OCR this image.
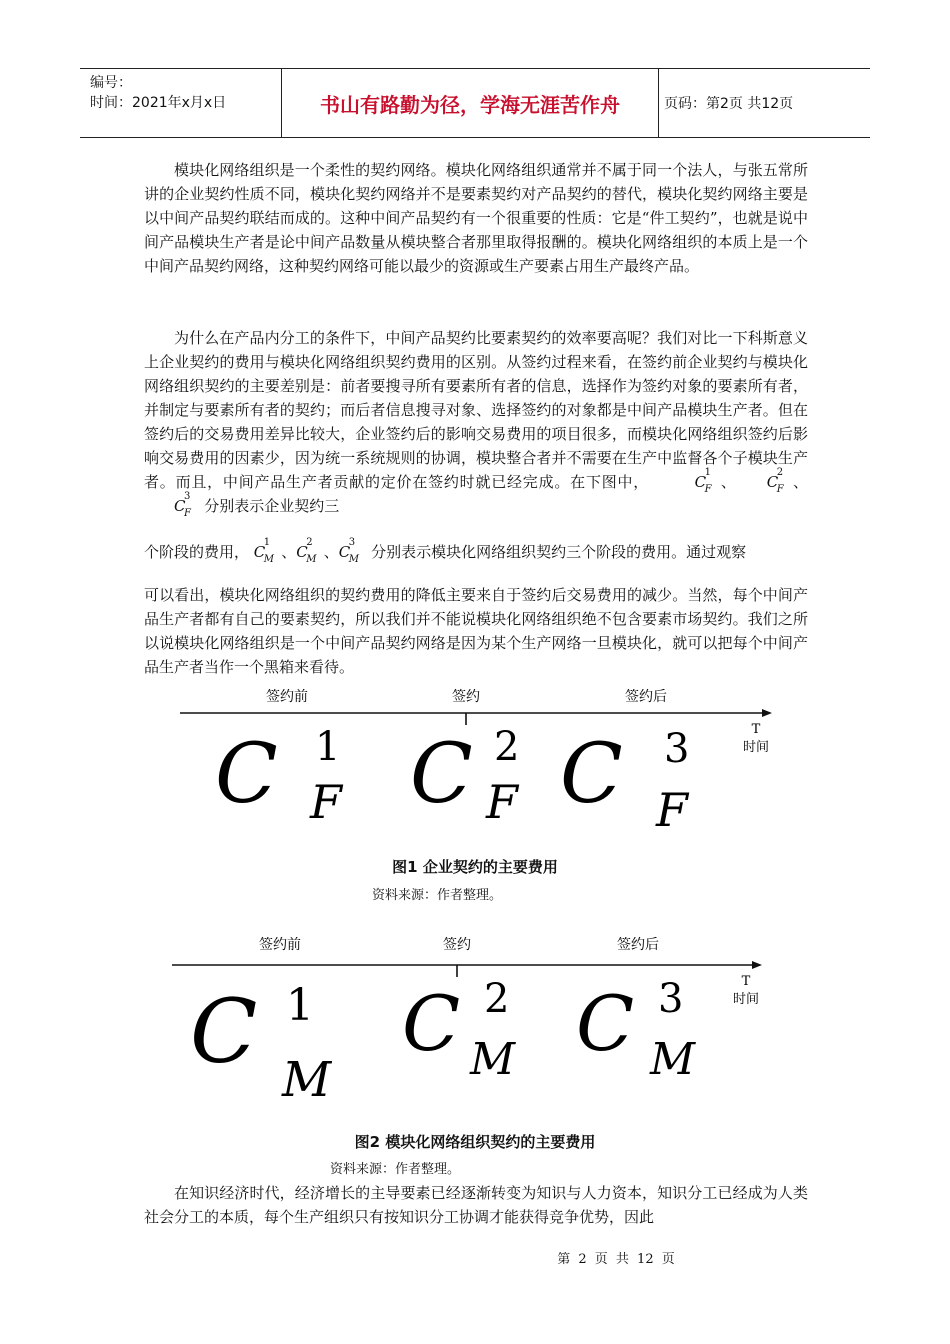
编号：
时间：2021年x月x日	书山有路勤为径，学海无涯苦作舟	页码：第2页 共12页

模块化网络组织是一个柔性的契约网络。模块化网络组织通常并不属于同一个法人，与张五常所讲的企业契约性质不同，模块化契约网络并不是要素契约对产品契约的替代，模块化契约网络主要是以中间产品契约联结而成的。这种中间产品契约有一个很重要的性质：它是“件工契约”，也就是说中间产品模块生产者是论中间产品数量从模块整合者那里取得报酬的。模块化网络组织的本质上是一个中间产品契约网络，这种契约网络可能以最少的资源或生产要素占用生产最终产品。

为什么在产品内分工的条件下，中间产品契约比要素契约的效率要高呢？我们对比一下科斯意义上企业契约的费用与模块化网络组织契约费用的区别。从签约过程来看，在签约前企业契约与模块化网络组织契约的主要差别是：前者要搜寻所有要素所有者的信息，选择作为签约对象的要素所有者，并制定与要素所有者的契约；而后者信息搜寻对象、选择签约的对象都是中间产品模块生产者。但在签约后的交易费用差异比较大，企业签约后的影响交易费用的项目很多，而模块化网络组织签约后影响交易费用的因素少，因为统一系统规则的协调，模块整合者并不需要在生产中监督各个子模块生产者。而且，中间产品生产者贡献的定价在签约时就已经完成。在下图中，	C
1
F 、 C
2
F 、C
3
F 分别表示企业契约三

个阶段的费用， C
1
M 、C
2
M 、C
3
M 分别表示模块化网络组织契约三个阶段的费用。通过观察
可以看出，模块化网络组织的契约费用的降低主要来自于签约后交易费用的减少。当然，每个中间产品生产者都有自己的要素契约，所以我们并不能说模块化网络组织绝不包含要素市场契约。我们之所以说模块化网络组织是一个中间产品契约网络是因为某个生产网络一旦模块化，就可以把每个中间产品生产者当作一个黑箱来看待。
签约前	签约	签约后
T
时间
C 1
F C 2
F C 3
F
图1 企业契约的主要费用
资料来源：作者整理。
签约前	签约	签约后
T
时间
C 1
M
C 2
M C 3
M
图2 模块化网络组织契约的主要费用
资料来源：作者整理。

在知识经济时代，经济增长的主导要素已经逐渐转变为知识与人力资本，知识分工已经成为人类社会分工的本质，每个生产组织只有按知识分工协调才能获得竞争优势，因此

第 2 页 共 12 页
